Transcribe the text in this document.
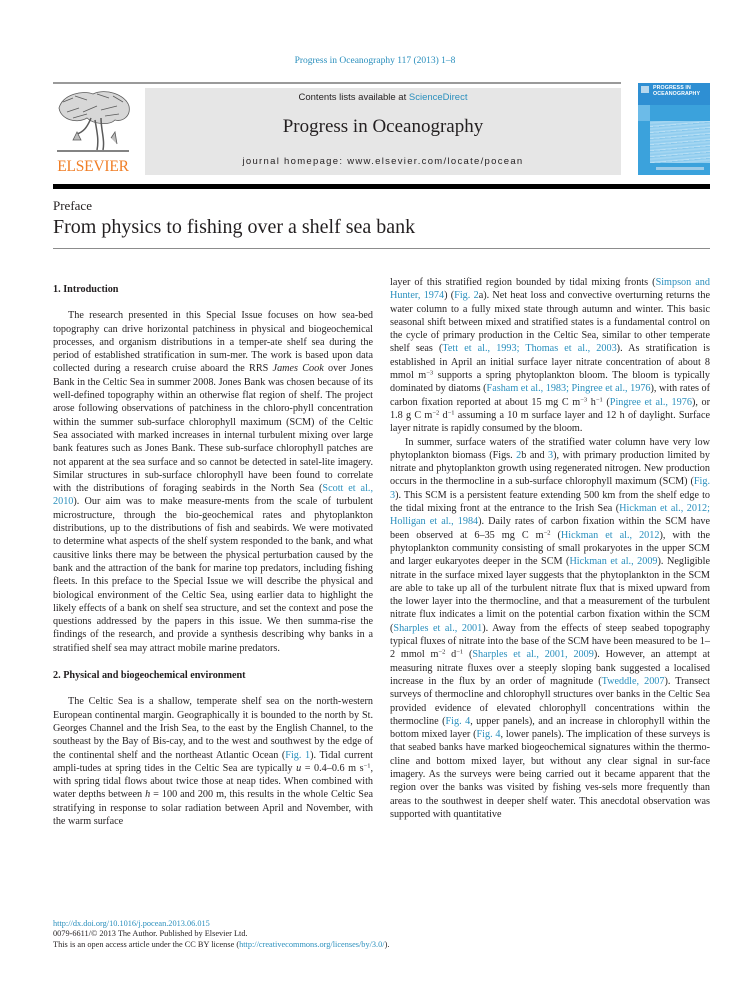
Progress in Oceanography 117 (2013) 1–8
ELSEVIER
Contents lists available at ScienceDirect
Progress in Oceanography
journal homepage: www.elsevier.com/locate/pocean
PROGRESS IN
OCEANOGRAPHY
Preface
From physics to fishing over a shelf sea bank
1. Introduction

The research presented in this Special Issue focuses on how sea-bed topography can drive horizontal patchiness in physical and biogeochemical processes, and organism distributions in a temper-ate shelf sea during the period of established stratification in sum-mer. The work is based upon data collected during a research cruise aboard the RRS James Cook over Jones Bank in the Celtic Sea in summer 2008. Jones Bank was chosen because of its well-defined topography within an otherwise flat region of shelf. The project arose following observations of patchiness in the chloro-phyll concentration within the summer sub-surface chlorophyll maximum (SCM) of the Celtic Sea associated with marked increases in internal turbulent mixing over large bank features such as Jones Bank. These sub-surface chlorophyll patches are not apparent at the sea surface and so cannot be detected in satel-lite imagery. Similar structures in sub-surface chlorophyll have been found to correlate with the distributions of foraging seabirds in the North Sea (Scott et al., 2010). Our aim was to make measure-ments from the scale of turbulent microstructure, through the bio-geochemical rates and phytoplankton distributions, up to the distributions of fish and seabirds. We were motivated to determine what aspects of the shelf system responded to the bank, and what causitive links there may be between the physical perturbation caused by the bank and the attraction of the bank for marine top predators, including fishing fleets. In this preface to the Special Issue we will describe the physical and biological environment of the Celtic Sea, using earlier data to highlight the likely effects of a bank on shelf sea structure, and set the context and pose the questions addressed by the papers in this issue. We then summa-rise the findings of the research, and provide a synthesis describing why banks in a stratified shelf sea may attract mobile marine predators.

2. Physical and biogeochemical environment

The Celtic Sea is a shallow, temperate shelf sea on the north-western European continental margin. Geographically it is bounded to the north by St. Georges Channel and the Irish Sea, to the east by the English Channel, to the southeast by the Bay of Bis-cay, and to the west and southwest by the edge of the continental shelf and the northeast Atlantic Ocean (Fig. 1). Tidal current ampli-tudes at spring tides in the Celtic Sea are typically u = 0.4–0.6 m $s^{-1}$, with spring tidal flows about twice those at neap tides. When combined with water depths between h = 100 and 200 m, this results in the whole Celtic Sea stratifying in response to solar radiation between April and November, with the warm surface

layer of this stratified region bounded by tidal mixing fronts (Simpson and Hunter, 1974) (Fig. 2a). Net heat loss and convective overturning returns the water column to a fully mixed state through autumn and winter. This basic seasonal shift between mixed and stratified states is a fundamental control on the cycle of primary production in the Celtic Sea, similar to other temperate shelf seas (Tett et al., 1993; Thomas et al., 2003). As stratification is established in April an initial surface layer nitrate concentration of about 8 mmol $m^{-3}$ supports a spring phytoplankton bloom. The bloom is typically dominated by diatoms (Fasham et al., 1983; Pingree et al., 1976), with rates of carbon fixation reported at about 15 mg C $m^{-3}$ $h^{-1}$ (Pingree et al., 1976), or 1.8 g C $m^{-2}$ $d^{-1}$ assuming a 10 m surface layer and 12 h of daylight. Surface layer nitrate is rapidly consumed by the bloom.

In summer, surface waters of the stratified water column have very low phytoplankton biomass (Figs. 2b and 3), with primary production limited by nitrate and phytoplankton growth using regenerated nitrogen. New production occurs in the thermocline in a sub-surface chlorophyll maximum (SCM) (Fig. 3). This SCM is a persistent feature extending 500 km from the shelf edge to the tidal mixing front at the entrance to the Irish Sea (Hickman et al., 2012; Holligan et al., 1984). Daily rates of carbon fixation within the SCM have been observed at 6–35 mg C $m^{-2}$ (Hickman et al., 2012), with the phytoplankton community consisting of small prokaryotes in the upper SCM and larger eukaryotes deeper in the SCM (Hickman et al., 2009). Negligible nitrate in the surface mixed layer suggests that the phytoplankton in the SCM are able to take up all of the turbulent nitrate flux that is mixed upward from the lower layer into the thermocline, and that a measurement of the turbulent nitrate flux indicates a limit on the potential carbon fixation within the SCM (Sharples et al., 2001). Away from the effects of steep seabed topography typical fluxes of nitrate into the base of the SCM have been measured to be 1–2 mmol $m^{-2}$ $d^{-1}$ (Sharples et al., 2001, 2009). However, an attempt at measuring nitrate fluxes over a steeply sloping bank suggested a localised increase in the flux by an order of magnitude (Tweddle, 2007). Transect surveys of thermocline and chlorophyll structures over banks in the Celtic Sea provided evidence of elevated chlorophyll concentrations within the thermocline (Fig. 4, upper panels), and an increase in chlorophyll within the bottom mixed layer (Fig. 4, lower panels). The implication of these surveys is that seabed banks have marked biogeochemical signatures within the thermo-cline and bottom mixed layer, but without any clear signal in sur-face imagery. As the surveys were being carried out it became apparent that the region over the banks was visited by fishing ves-sels more frequently than areas to the southwest in deeper shelf water. This anecdotal observation was supported with quantitative

http://dx.doi.org/10.1016/j.pocean.2013.06.015
0079-6611/© 2013 The Author. Published by Elsevier Ltd.
This is an open access article under the CC BY license (http://creativecommons.org/licenses/by/3.0/).
